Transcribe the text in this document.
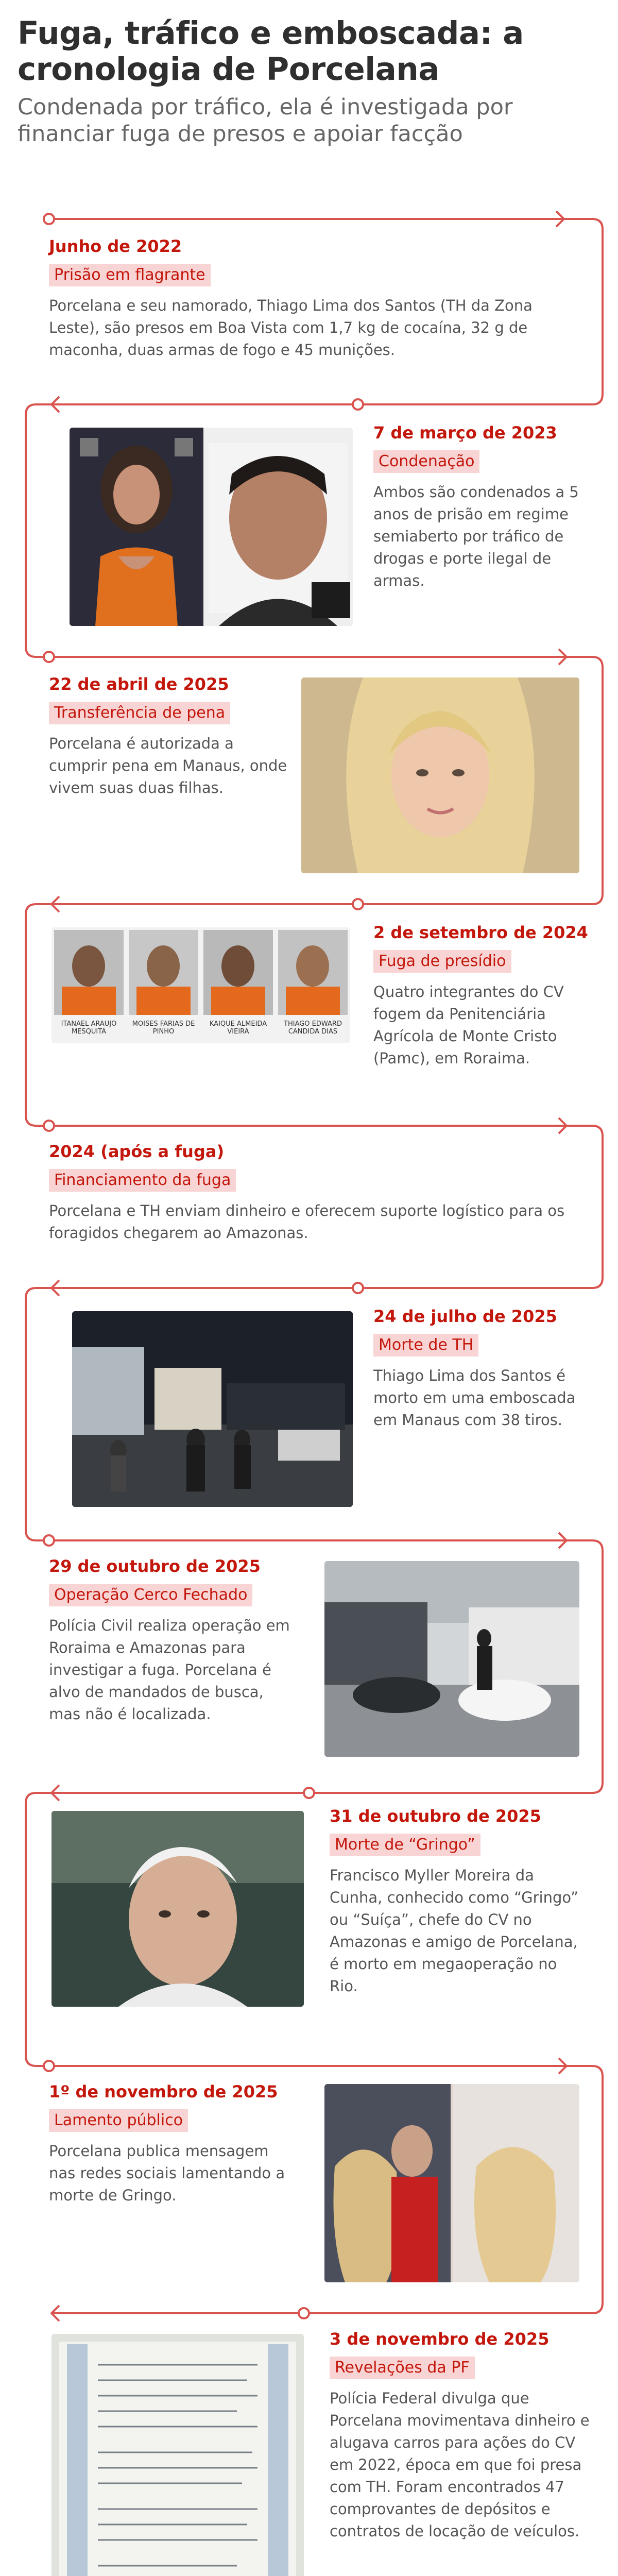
Fuga, tráfico e emboscada: a cronologia de Porcelana
Condenada por tráfico, ela é investigada por financiar fuga de presos e apoiar facção
Junho de 2022
Prisão em flagrante
Porcelana e seu namorado, Thiago Lima dos Santos (TH da Zona Leste), são presos em Boa Vista com 1,7 kg de cocaína, 32 g de maconha, duas armas de fogo e 45 munições.
7 de março de 2023
Condenação
Ambos são condenados a 5 anos de prisão em regime semiaberto por tráfico de drogas e porte ilegal de armas.
22 de abril de 2025
Transferência de pena
Porcelana é autorizada a cumprir pena em Manaus, onde vivem suas duas filhas.
ITANAEL ARAUJO MESQUITA
MOISES FARIAS DE PINHO
KAIQUE ALMEIDA VIEIRA
THIAGO EDWARD CANDIDA DIAS
2 de setembro de 2024
Fuga de presídio
Quatro integrantes do CV fogem da Penitenciária Agrícola de Monte Cristo (Pamc), em Roraima.
2024 (após a fuga)
Financiamento da fuga
Porcelana e TH enviam dinheiro e oferecem suporte logístico para os foragidos chegarem ao Amazonas.
24 de julho de 2025
Morte de TH
Thiago Lima dos Santos é morto em uma emboscada em Manaus com 38 tiros.
29 de outubro de 2025
Operação Cerco Fechado
Polícia Civil realiza operação em Roraima e Amazonas para investigar a fuga. Porcelana é alvo de mandados de busca, mas não é localizada.
31 de outubro de 2025
Morte de “Gringo”
Francisco Myller Moreira da Cunha, conhecido como “Gringo” ou “Suíça”, chefe do CV no Amazonas e amigo de Porcelana, é morto em megaoperação no Rio.
1º de novembro de 2025
Lamento público
Porcelana publica mensagem nas redes sociais lamentando a morte de Gringo.
3 de novembro de 2025
Revelações da PF
Polícia Federal divulga que Porcelana movimentava dinheiro e alugava carros para ações do CV em 2022, época em que foi presa com TH. Foram encontrados 47 comprovantes de depósitos e contratos de locação de veículos.
